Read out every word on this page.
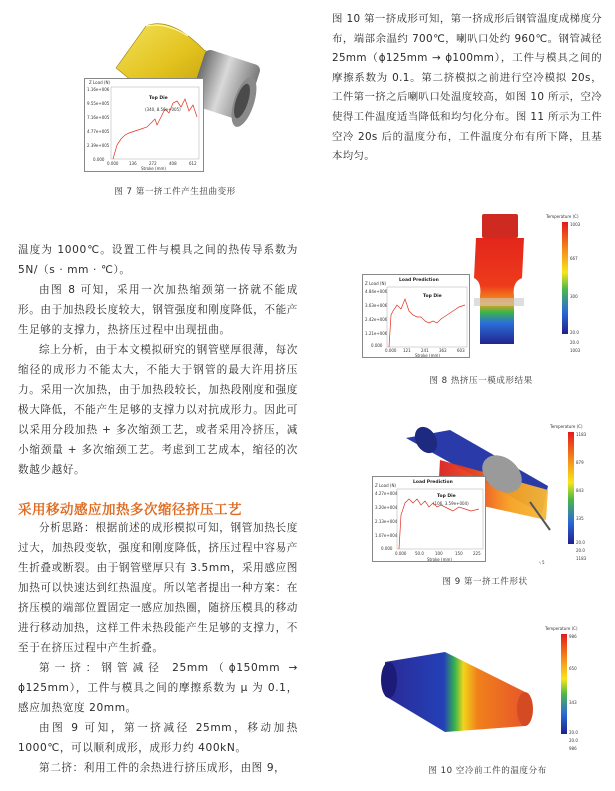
Z Load (N)
1.16e+006
9.55e+005
7.16e+005
4.77e+005
2.39e+005
0.000
Top Die
(340, 8.56e+005)
0.000	136	272	408	612
Stroke (mm)
图 7 第一挤工件产生扭曲变形

图 10 第一挤成形可知，第一挤成形后钢管温度成梯度分布，端部余温约 700℃，喇叭口处约 960℃。钢管减径 25mm（ϕ125mm → ϕ100mm），工件与模具之间的摩擦系数为 0.1。第二挤模拟之前进行空冷模拟 20s，工件第一挤之后喇叭口处温度较高，如图 10 所示，空冷使得工件温度适当降低和均匀化分布。图 11 所示为工件空冷 20s 后的温度分布，工件温度分布有所下降，且基本均匀。

温度为 1000℃。设置工件与模具之间的热传导系数为 5N/（s · mm · ℃）。

由图 8 可知，采用一次加热缩颈第一挤就不能成形。由于加热段长度较大，钢管强度和刚度降低，不能产生足够的支撑力，热挤压过程中出现扭曲。

综上分析，由于本文模拟研究的钢管壁厚很薄，每次缩径的成形力不能太大，不能大于钢管的最大许用挤压力。采用一次加热，由于加热段较长，加热段刚度和强度极大降低，不能产生足够的支撑力以对抗成形力。因此可以采用分段加热 + 多次缩颈工艺，或者采用冷挤压，减小缩颈量 + 多次缩颈工艺。考虑到工艺成本，缩径的次数越少越好。

采用移动感应加热多次缩径挤压工艺

分析思路：根据前述的成形模拟可知，钢管加热长度过大，加热段变软，强度和刚度降低，挤压过程中容易产生折叠或断裂。由于钢管壁厚只有 3.5mm，采用感应图加热可以快速达到红热温度。所以笔者提出一种方案：在挤压模的端部位置固定一感应加热圈，随挤压模具的移动进行移动加热，这样工件未热段能产生足够的支撑力，不至于在挤压过程中产生折叠。

第一挤：钢管减径 25mm（ϕ150mm → ϕ125mm），工件与模具之间的摩擦系数为 μ 为 0.1，感应加热宽度 20mm。

由图 9 可知，第一挤减径 25mm，移动加热 1000℃，可以顺利成形，成形力约 400kN。

第二挤：利用工件的余热进行挤压成形，由图 9，

Temperature (C)
1003
667
300
20.0
20.0
1003
Load Prediction
Z Load (N)
4.84e+006
3.63e+006
2.42e+006
1.21e+006
0.000
Top Die
0.000 121	241	362	603
Stroke (mm)
图 8 热挤压一模成形结果
Temperature (C)
1183
879
843
335
20.0
20.0
1183
ㄣ5
Load Prediction
Z Load (N)
4.27e+004
3.20e+004
2.13e+004
1.07e+004
0.000
Top Die
(106, 3.59e+004)
0.000 50.0	100	150	225
Stroke (mm)
图 9 第一挤工件形状
Temperature (C)
986
650
343
20.0
20.0
986
图 10 空冷前工件的温度分布
